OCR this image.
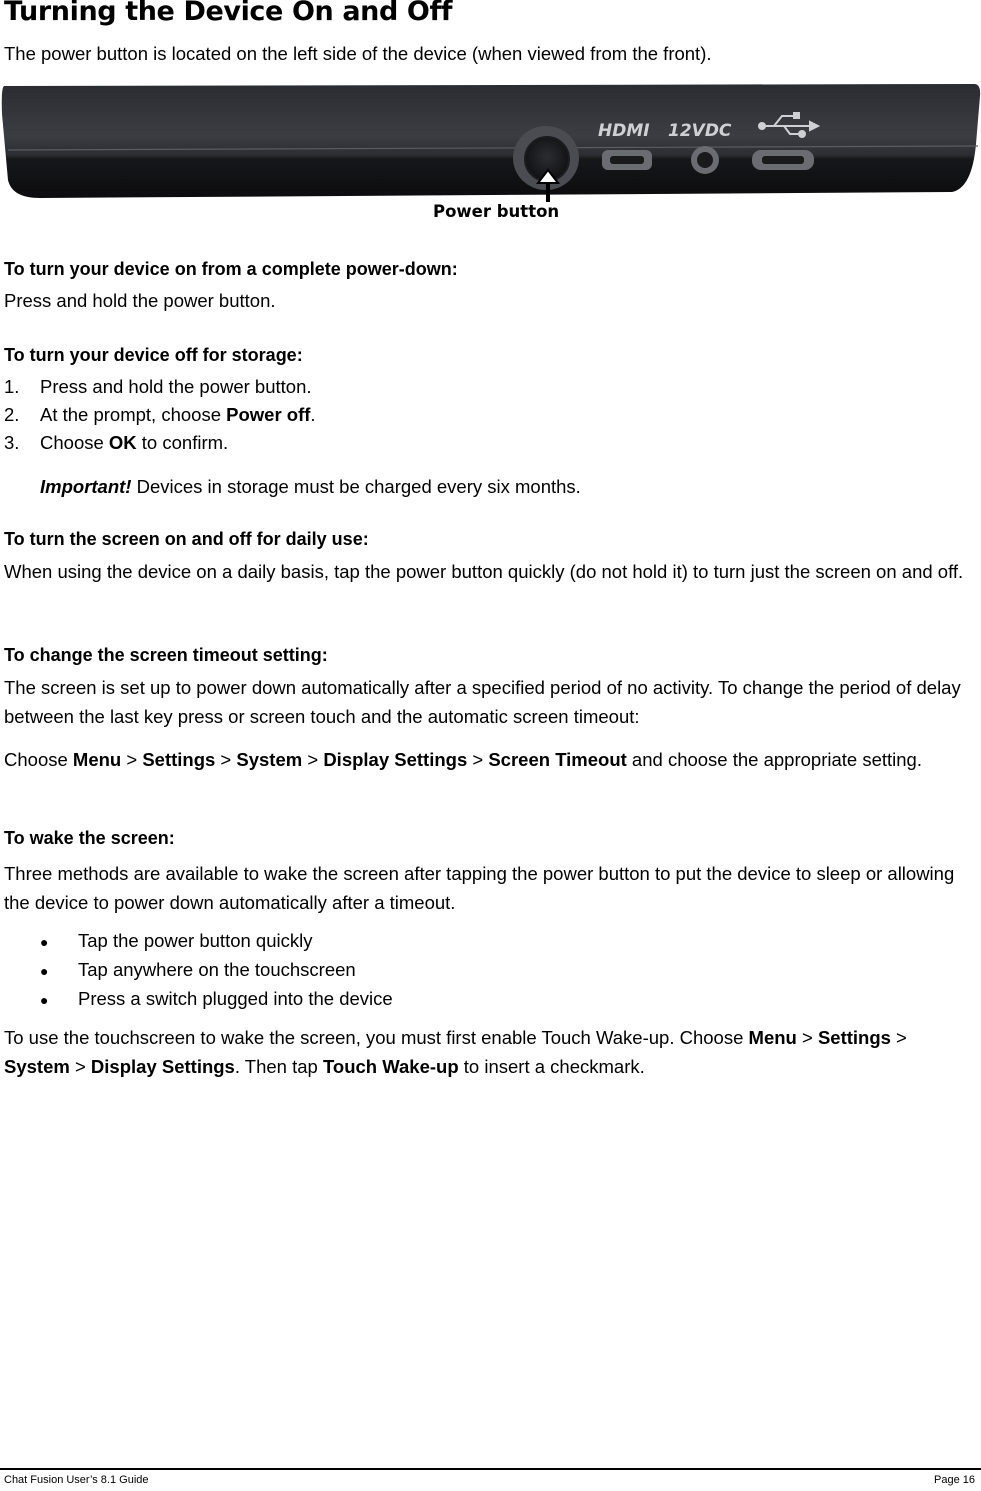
Turning the Device On and Off

The power button is located on the left side of the device (when viewed from the front).

HDMI 12VDC
Power button
To turn your device on from a complete power-down:

Press and hold the power button.

To turn your device off for storage:
1. Press and hold the power button.
2. At the prompt, choose Power off.
3. Choose OK to confirm.
Important! Devices in storage must be charged every six months.
To turn the screen on and off for daily use:

When using the device on a daily basis, tap the power button quickly (do not hold it) to turn just the screen on and off.

To change the screen timeout setting:

The screen is set up to power down automatically after a specified period of no activity. To change the period of delay between the last key press or screen touch and the automatic screen timeout:

Choose Menu > Settings > System > Display Settings > Screen Timeout and choose the appropriate setting.

To wake the screen:

Three methods are available to wake the screen after tapping the power button to put the device to sleep or allowing the device to power down automatically after a timeout.

● Tap the power button quickly
● Tap anywhere on the touchscreen
● Press a switch plugged into the device

To use the touchscreen to wake the screen, you must first enable Touch Wake-up. Choose Menu > Settings > System > Display Settings. Then tap Touch Wake-up to insert a checkmark.

Chat Fusion User’s 8.1 Guide	Page 16
